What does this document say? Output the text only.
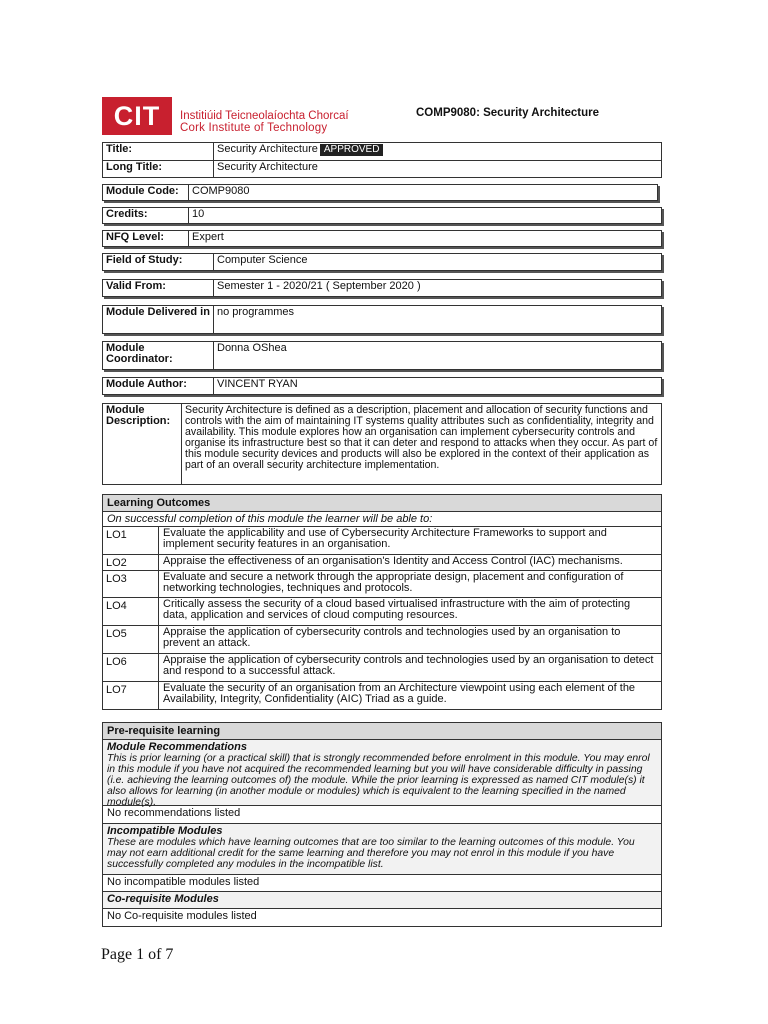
CIT	Institiúid Teicneolaíochta Chorcaí
Cork Institute of Technology
COMP9080: Security Architecture
Title:	Security Architecture APPROVED
Long Title:	Security Architecture
Module Code:	COMP9080
Credits:	10
NFQ Level:	Expert
Field of Study:	Computer Science
Valid From:	Semester 1 - 2020/21 ( September 2020 )
Module Delivered in no programmes
Module Coordinator:
Donna OShea
Module Author:	VINCENT RYAN
Module Description:
Security Architecture is defined as a description, placement and allocation of security functions and controls with the aim of maintaining IT systems quality attributes such as confidentiality, integrity and availability. This module explores how an organisation can implement cybersecurity controls and organise its infrastructure best so that it can deter and respond to attacks when they occur. As part of this module security devices and products will also be explored in the context of their application as part of an overall security architecture implementation.
Learning Outcomes
On successful completion of this module the learner will be able to:
LO1	Evaluate the applicability and use of Cybersecurity Architecture Frameworks to support and implement security features in an organisation.
LO2	Appraise the effectiveness of an organisation's Identity and Access Control (IAC) mechanisms.
LO3	Evaluate and secure a network through the appropriate design, placement and configuration of networking technologies, techniques and protocols.
LO4	Critically assess the security of a cloud based virtualised infrastructure with the aim of protecting data, application and services of cloud computing resources.
LO5	Appraise the application of cybersecurity controls and technologies used by an organisation to prevent an attack.
LO6	Appraise the application of cybersecurity controls and technologies used by an organisation to detect and respond to a successful attack.
LO7	Evaluate the security of an organisation from an Architecture viewpoint using each element of the Availability, Integrity, Confidentiality (AIC) Triad as a guide.
Pre-requisite learning
Module Recommendations
This is prior learning (or a practical skill) that is strongly recommended before enrolment in this module. You may enrol in this module if you have not acquired the recommended learning but you will have considerable difficulty in passing (i.e. achieving the learning outcomes of) the module. While the prior learning is expressed as named CIT module(s) it also allows for learning (in another module or modules) which is equivalent to the learning specified in the named module(s).
No recommendations listed
Incompatible Modules
These are modules which have learning outcomes that are too similar to the learning outcomes of this module. You may not earn additional credit for the same learning and therefore you may not enrol in this module if you have successfully completed any modules in the incompatible list.
No incompatible modules listed
Co-requisite Modules
No Co-requisite modules listed
Page 1 of 7
